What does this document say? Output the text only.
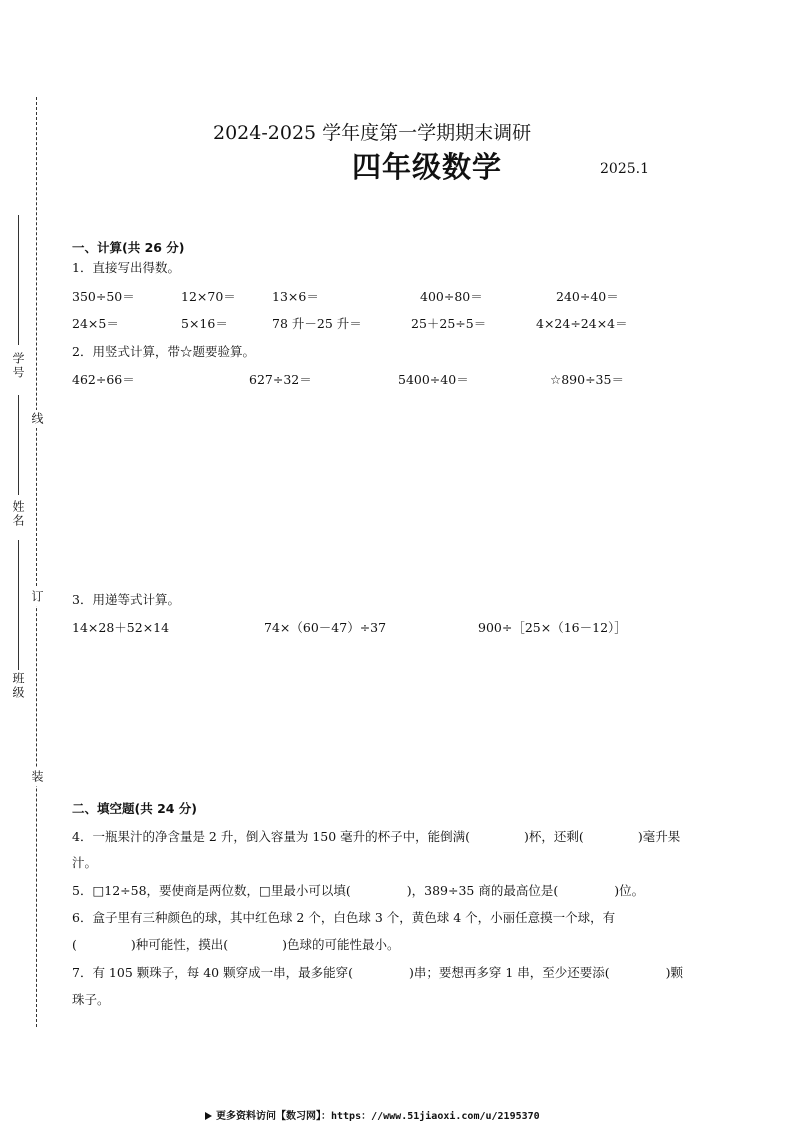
学号
线
姓名
订
班级
装
2024-2025 学年度第一学期期末调研
四年级数学	2025.1
一、计算(共 26 分)
1．直接写出得数。
350÷50＝	12×70＝	13×6＝	400÷80＝	240÷40＝
24×5＝	5×16＝	78 升－25 升＝	25＋25÷5＝	4×24÷24×4＝
2．用竖式计算，带☆题要验算。
462÷66＝	627÷32＝	5400÷40＝	☆890÷35＝
3．用递等式计算。
14×28＋52×14	74×（60－47）÷37	900÷［25×（16－12）］
二、填空题(共 24 分)
4．一瓶果汁的净含量是 2 升，倒入容量为 150 毫升的杯子中，能倒满(	)杯，还剩(	)毫升果
汁。
5．□12÷58，要使商是两位数，□里最小可以填(	)，389÷35 商的最高位是(	)位。
6．盒子里有三种颜色的球，其中红色球 2 个，白色球 3 个，黄色球 4 个，小丽任意摸一个球，有
(	)种可能性，摸出(	)色球的可能性最小。
7．有 105 颗珠子，每 40 颗穿成一串，最多能穿(	)串；要想再多穿 1 串，至少还要添(	)颗
珠子。
更多资料访问【数习网】：https：//www.51jiaoxi.com/u/2195370
